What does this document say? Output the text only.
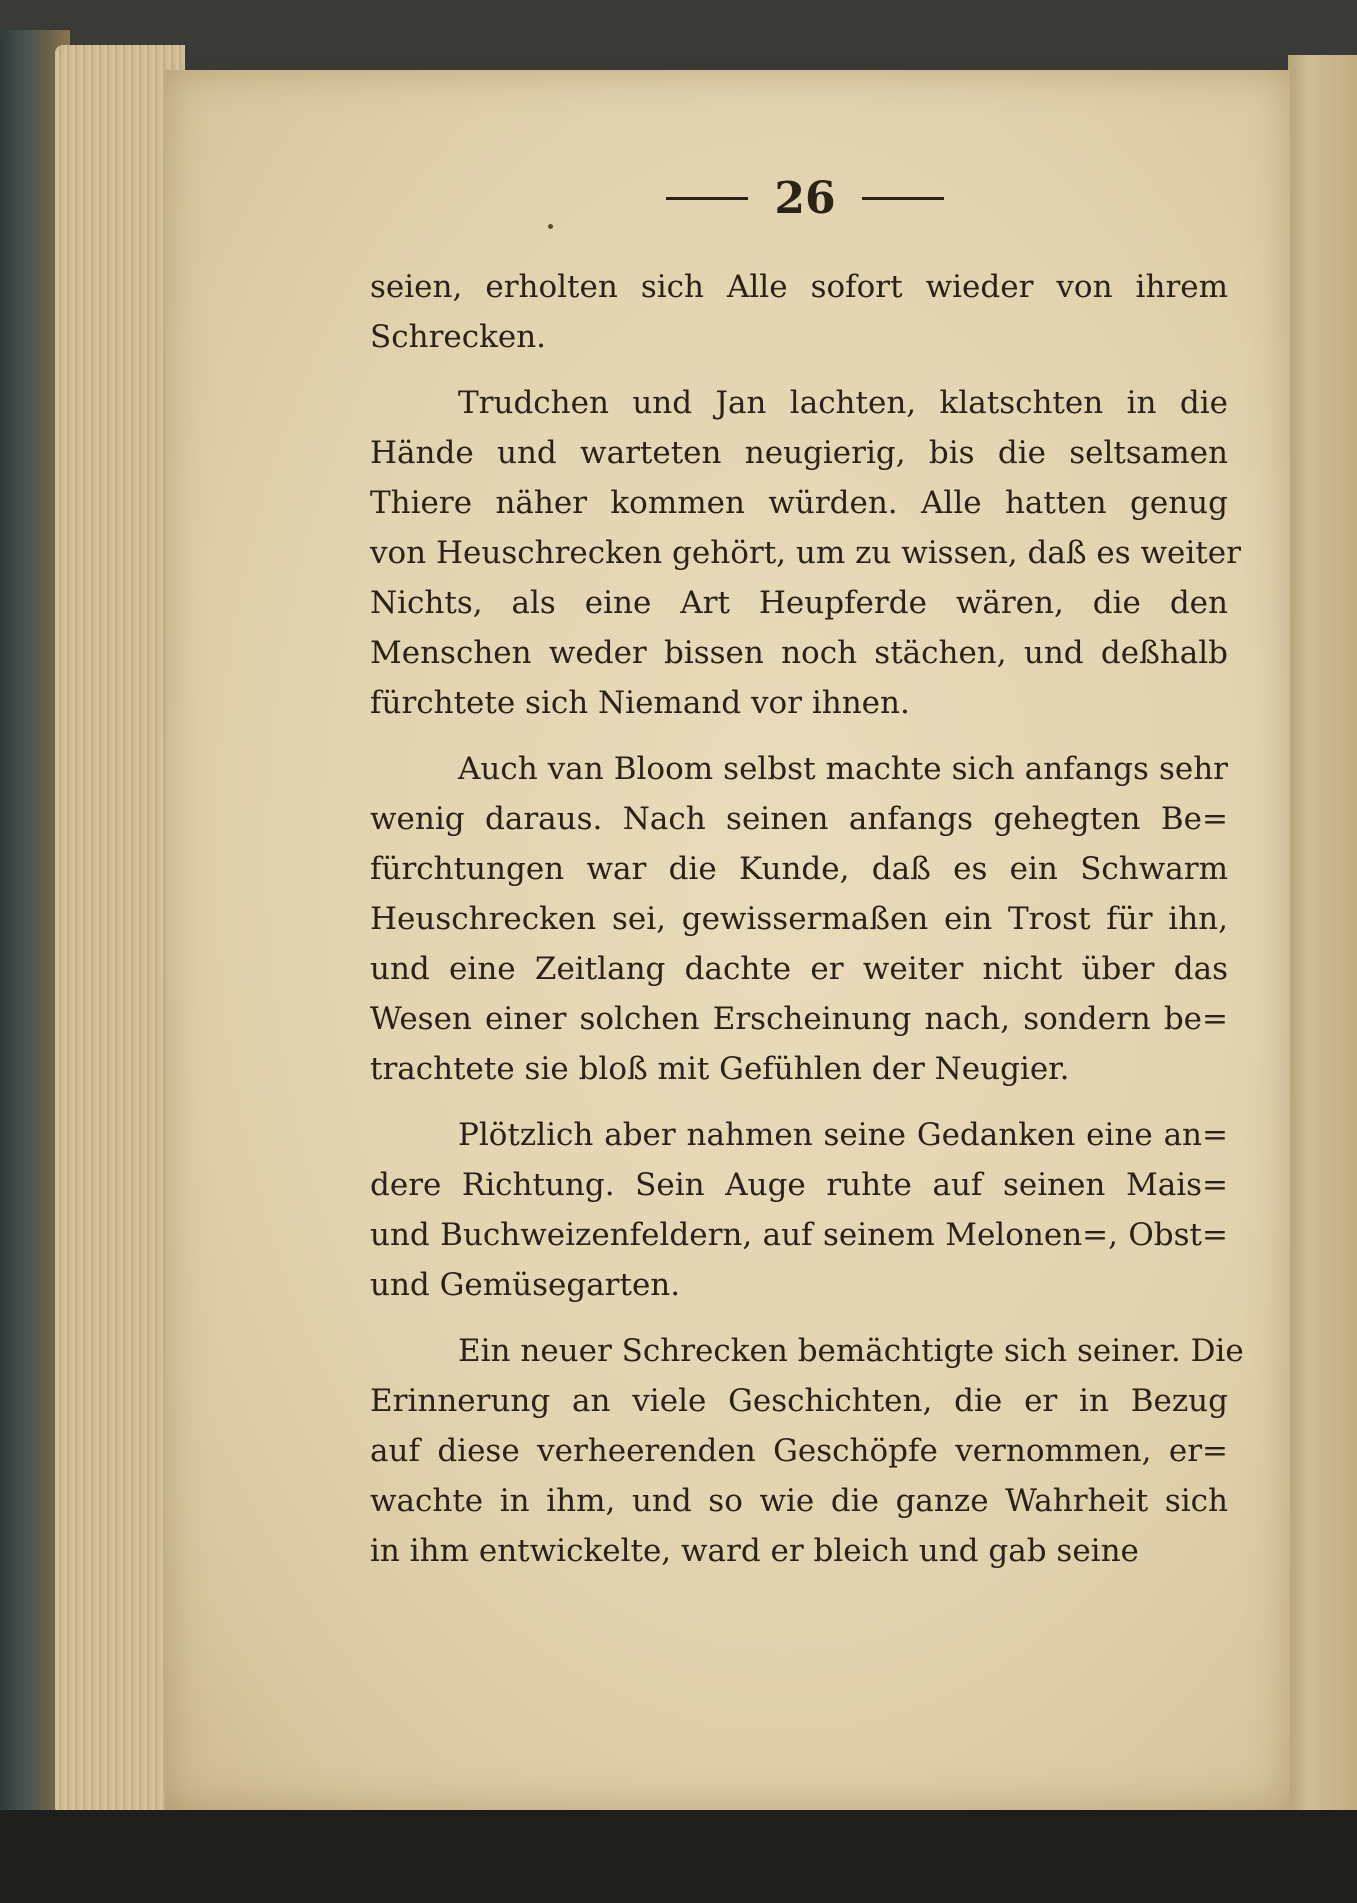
26
seien, erholten sich Alle sofort wieder von ihrem
Schrecken.
Trudchen und Jan lachten, klatschten in die
Hände und warteten neugierig, bis die seltsamen
Thiere näher kommen würden. Alle hatten genug
von Heuschrecken gehört, um zu wissen, daß es weiter
Nichts, als eine Art Heupferde wären, die den
Menschen weder bissen noch stächen, und deßhalb
fürchtete sich Niemand vor ihnen.
Auch van Bloom selbst machte sich anfangs sehr
wenig daraus. Nach seinen anfangs gehegten Be=
fürchtungen war die Kunde, daß es ein Schwarm
Heuschrecken sei, gewissermaßen ein Trost für ihn,
und eine Zeitlang dachte er weiter nicht über das
Wesen einer solchen Erscheinung nach, sondern be=
trachtete sie bloß mit Gefühlen der Neugier.
Plötzlich aber nahmen seine Gedanken eine an=
dere Richtung. Sein Auge ruhte auf seinen Mais=
und Buchweizenfeldern, auf seinem Melonen=, Obst=
und Gemüsegarten.
Ein neuer Schrecken bemächtigte sich seiner. Die
Erinnerung an viele Geschichten, die er in Bezug
auf diese verheerenden Geschöpfe vernommen, er=
wachte in ihm, und so wie die ganze Wahrheit sich
in ihm entwickelte, ward er bleich und gab seine
